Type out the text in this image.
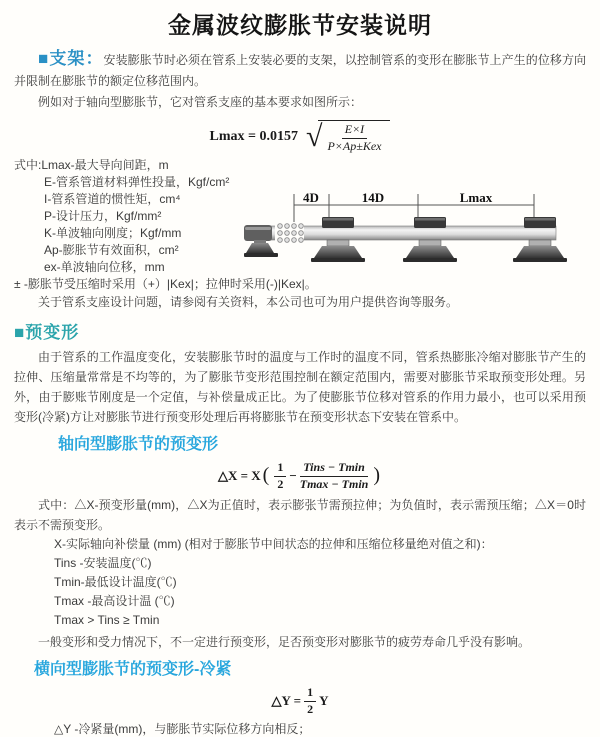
金属波纹膨胀节安装说明

■支架：安装膨胀节时必须在管系上安装必要的支架，以控制管系的变形在膨胀节上产生的位移方向并限制在膨胀节的额定位移范围内。

例如对于轴向型膨胀节，它对管系支座的基本要求如图所示：

Lmax = 0.0157 √ $\frac{E\times I}{\text{P×Ap±Kex}}$

式中:Lmax-最大导向间距，m

E-管系管道材料弹性投量，Kgf/cm²

I-管系管道的惯性矩，cm⁴

P-设计压力，Kgf/mm²

K-单波轴向刚度；Kgf/mm

Ap-膨胀节有效面积，cm²

ex-单波轴向位移，mm

± -膨胀节受压缩时采用（+）|Kex|；拉伸时采用(-)|Kex|。

关于管系支座设计问题，请参阅有关资料，本公司也可为用户提供咨询等服务。

■预变形

由于管系的工作温度变化，安装膨胀节时的温度与工作时的温度不同，管系热膨胀冷缩对膨胀节产生的拉伸、压缩量常常是不均等的，为了膨胀节变形范围控制在额定范围内，需要对膨胀节采取预变形处理。另外，由于膨账节刚度是一个定值，与补偿量成正比。为了使膨胀节位移对管系的作用力最小，也可以采用预变形(冷紧)方让对膨胀节进行预变形处理后再将膨胀节在预变形状态下安装在管系中。

轴向型膨胀节的预变形

△X = X ( $\frac{1}{2} - \frac{\text{Tins − Tmin}}{Tmax - Tmin}$ )

式中：△X-预变形量(mm)，△X为正值时，表示膨张节需预拉伸；为负值时，表示需预压缩；△X＝0时表示不需预变形。

X-实际轴向补偿量 (mm) (相对于膨胀节中间状态的拉伸和压缩位移量绝对值之和)：

Tins -安装温度(℃)

Tmin-最低设计温度(℃)

Tmax -最高设计温 (℃)

Tmax > Tins ≥ Tmin

一般变形和受力情况下，不一定进行预变形，足否预变形对膨胀节的疲劳寿命几乎没有影响。

横向型膨胀节的预变形-冷紧

△Y = $\frac{1}{2}$ Y

△Y -冷紧量(mm)，与膨胀节实际位移方向相反；

4D	14D	Lmax
